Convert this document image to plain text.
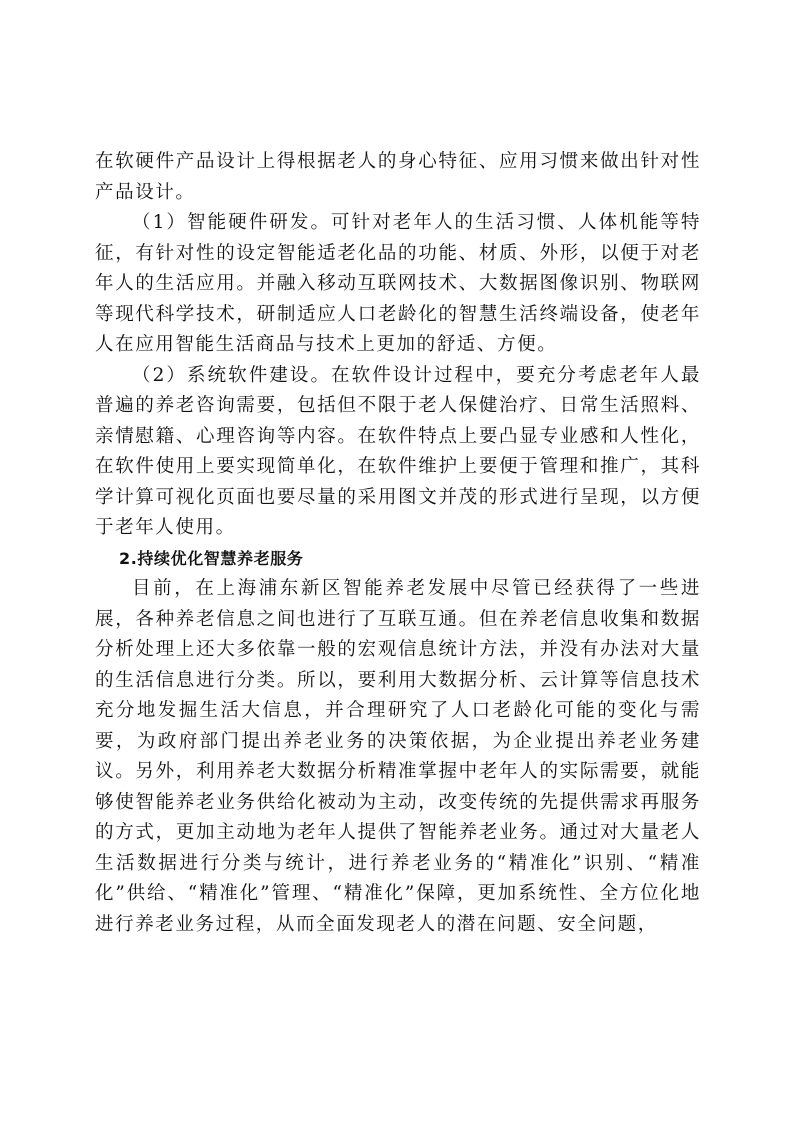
在软硬件产品设计上得根据老人的身心特征、应用习惯来做出针对性产品设计。

（1）智能硬件研发。可针对老年人的生活习惯、人体机能等特征，有针对性的设定智能适老化品的功能、材质、外形，以便于对老年人的生活应用。并融入移动互联网技术、大数据图像识别、物联网等现代科学技术，研制适应人口老龄化的智慧生活终端设备，使老年人在应用智能生活商品与技术上更加的舒适、方便。

（2）系统软件建设。在软件设计过程中，要充分考虑老年人最普遍的养老咨询需要，包括但不限于老人保健治疗、日常生活照料、亲情慰籍、心理咨询等内容。在软件特点上要凸显专业感和人性化，在软件使用上要实现简单化，在软件维护上要便于管理和推广，其科学计算可视化页面也要尽量的采用图文并茂的形式进行呈现，以方便于老年人使用。

2.持续优化智慧养老服务

目前，在上海浦东新区智能养老发展中尽管已经获得了一些进展，各种养老信息之间也进行了互联互通。但在养老信息收集和数据分析处理上还大多依靠一般的宏观信息统计方法，并没有办法对大量的生活信息进行分类。所以，要利用大数据分析、云计算等信息技术充分地发掘生活大信息，并合理研究了人口老龄化可能的变化与需要，为政府部门提出养老业务的决策依据，为企业提出养老业务建议。另外，利用养老大数据分析精准掌握中老年人的实际需要，就能够使智能养老业务供给化被动为主动，改变传统的先提供需求再服务的方式，更加主动地为老年人提供了智能养老业务。通过对大量老人生活数据进行分类与统计，进行养老业务的“精准化”识别、“精准化”供给、“精准化”管理、“精准化”保障，更加系统性、全方位化地进行养老业务过程，从而全面发现老人的潜在问题、安全问题，
